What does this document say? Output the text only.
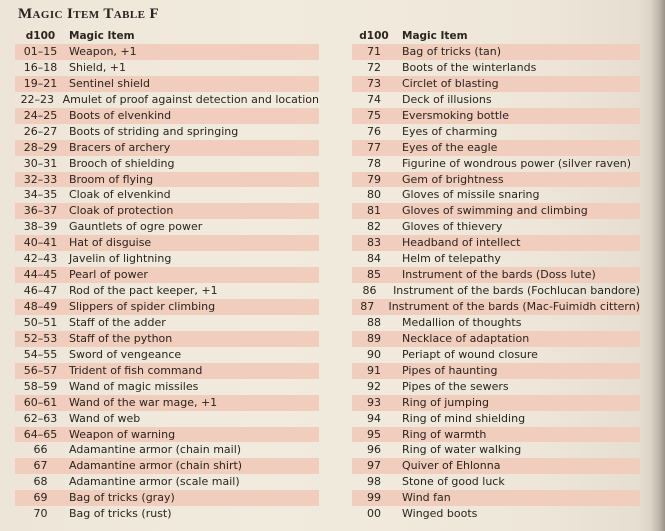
Magic Item Table F
d100	Magic Item
01–15	Weapon, +1
16–18	Shield, +1
19–21	Sentinel shield
22–23 Amulet of proof against detection and location
24–25	Boots of elvenkind
26–27	Boots of striding and springing
28–29	Bracers of archery
30–31	Brooch of shielding
32–33	Broom of flying
34–35	Cloak of elvenkind
36–37	Cloak of protection
38–39	Gauntlets of ogre power
40–41	Hat of disguise
42–43	Javelin of lightning
44–45	Pearl of power
46–47	Rod of the pact keeper, +1
48–49	Slippers of spider climbing
50–51	Staff of the adder
52–53	Staff of the python
54–55	Sword of vengeance
56–57	Trident of fish command
58–59	Wand of magic missiles
60–61	Wand of the war mage, +1
62–63	Wand of web
64–65	Weapon of warning
66	Adamantine armor (chain mail)
67	Adamantine armor (chain shirt)
68	Adamantine armor (scale mail)
69	Bag of tricks (gray)
70	Bag of tricks (rust)
d100	Magic Item
71	Bag of tricks (tan)
72	Boots of the winterlands
73	Circlet of blasting
74	Deck of illusions
75	Eversmoking bottle
76	Eyes of charming
77	Eyes of the eagle
78	Figurine of wondrous power (silver raven)
79	Gem of brightness
80	Gloves of missile snaring
81	Gloves of swimming and climbing
82	Gloves of thievery
83	Headband of intellect
84	Helm of telepathy
85	Instrument of the bards (Doss lute)
86	Instrument of the bards (Fochlucan bandore)
87	Instrument of the bards (Mac-Fuimidh cittern)
88	Medallion of thoughts
89	Necklace of adaptation
90	Periapt of wound closure
91	Pipes of haunting
92	Pipes of the sewers
93	Ring of jumping
94	Ring of mind shielding
95	Ring of warmth
96	Ring of water walking
97	Quiver of Ehlonna
98	Stone of good luck
99	Wind fan
00	Winged boots
